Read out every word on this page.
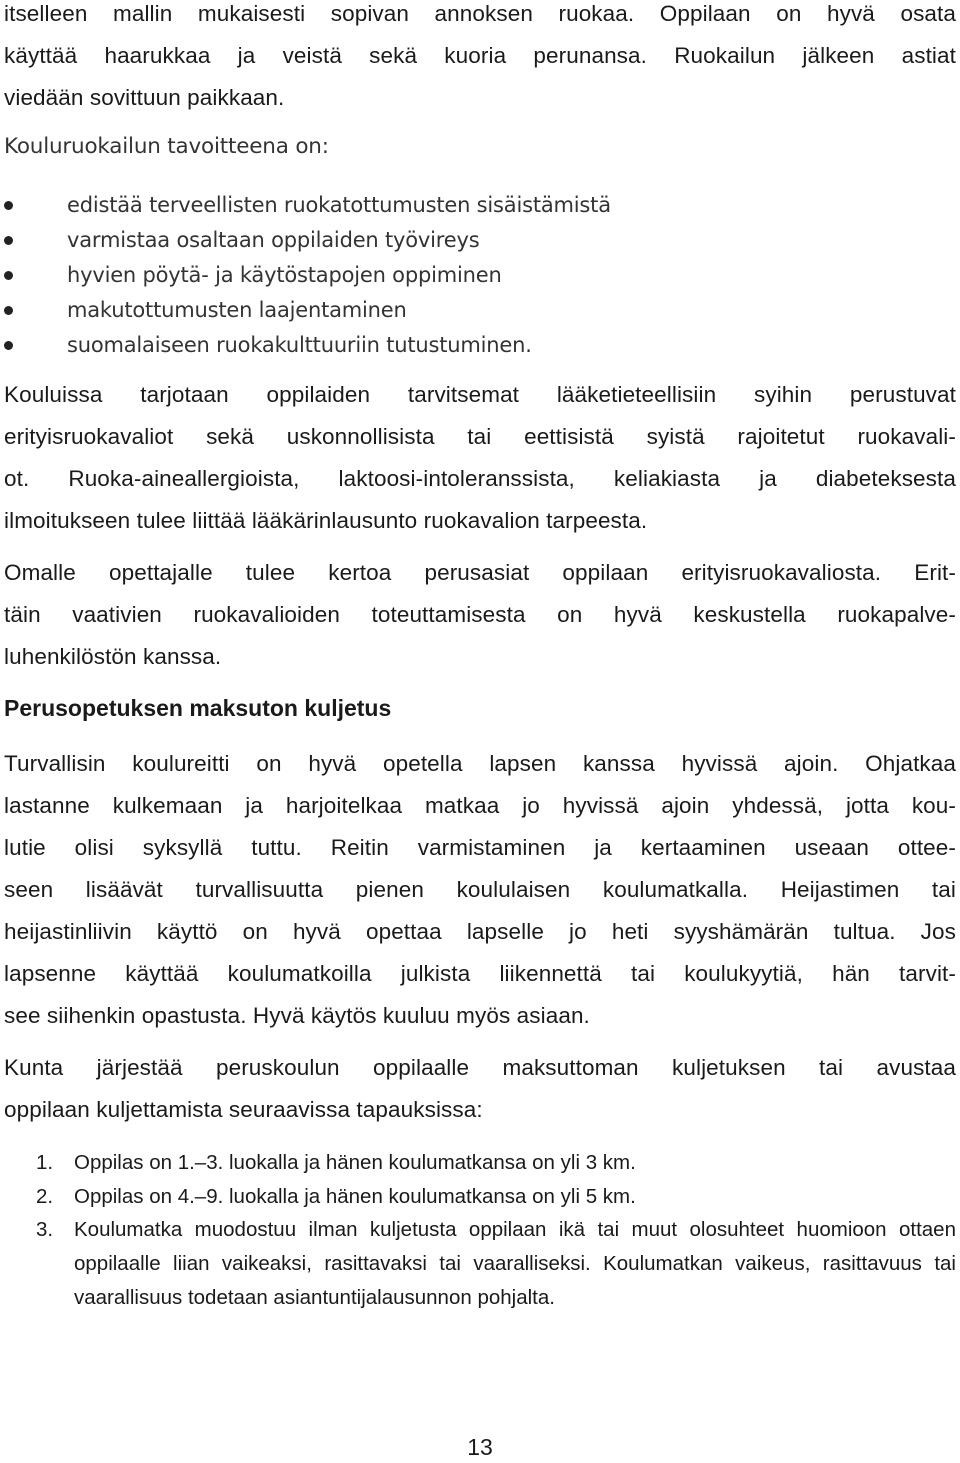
itselleen mallin mukaisesti sopivan annoksen ruokaa. Oppilaan on hyvä osata
käyttää haarukkaa ja veistä sekä kuoria perunansa. Ruokailun jälkeen astiat
viedään sovittuun paikkaan.
Kouluruokailun tavoitteena on:
edistää terveellisten ruokatottumusten sisäistämistä
varmistaa osaltaan oppilaiden työvireys
hyvien pöytä- ja käytöstapojen oppiminen
makutottumusten laajentaminen
suomalaiseen ruokakulttuuriin tutustuminen.
Kouluissa tarjotaan oppilaiden tarvitsemat lääketieteellisiin syihin perustuvat
erityisruokavaliot sekä uskonnollisista tai eettisistä syistä rajoitetut ruokavali-
ot. Ruoka-aineallergioista, laktoosi-intoleranssista, keliakiasta ja diabeteksesta
ilmoitukseen tulee liittää lääkärinlausunto ruokavalion tarpeesta.
Omalle opettajalle tulee kertoa perusasiat oppilaan erityisruokavaliosta. Erit-
täin vaativien ruokavalioiden toteuttamisesta on hyvä keskustella ruokapalve-
luhenkilöstön kanssa.
Perusopetuksen maksuton kuljetus
Turvallisin koulureitti on hyvä opetella lapsen kanssa hyvissä ajoin. Ohjatkaa
lastanne kulkemaan ja harjoitelkaa matkaa jo hyvissä ajoin yhdessä, jotta kou-
lutie olisi syksyllä tuttu. Reitin varmistaminen ja kertaaminen useaan ottee-
seen lisäävät turvallisuutta pienen koululaisen koulumatkalla. Heijastimen tai
heijastinliivin käyttö on hyvä opettaa lapselle jo heti syyshämärän tultua. Jos
lapsenne käyttää koulumatkoilla julkista liikennettä tai koulukyytiä, hän tarvit-
see siihenkin opastusta. Hyvä käytös kuuluu myös asiaan.
Kunta järjestää peruskoulun oppilaalle maksuttoman kuljetuksen tai avustaa
oppilaan kuljettamista seuraavissa tapauksissa:
1. Oppilas on 1.–3. luokalla ja hänen koulumatkansa on yli 3 km.
2. Oppilas on 4.–9. luokalla ja hänen koulumatkansa on yli 5 km.
3. Koulumatka muodostuu ilman kuljetusta oppilaan ikä tai muut olosuhteet huomioon ottaen oppilaalle liian vaikeaksi, rasittavaksi tai vaaralliseksi. Koulumatkan vaikeus, rasittavuus tai vaarallisuus todetaan asiantuntijalausunnon pohjalta.
13
